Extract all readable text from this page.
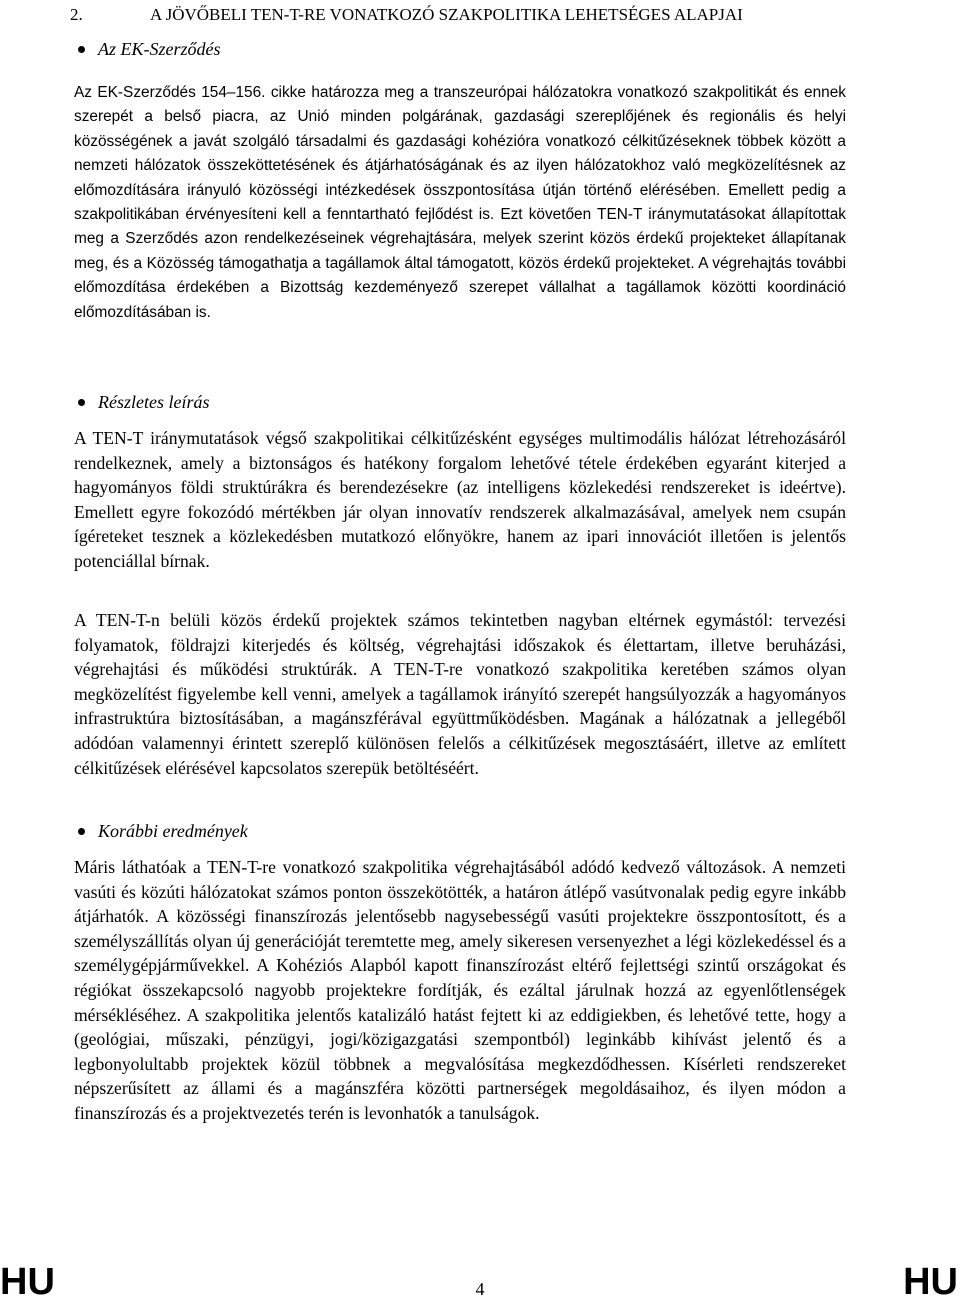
2.	A JÖVŐBELI TEN-T-RE VONATKOZÓ SZAKPOLITIKA LEHETSÉGES ALAPJAI
Az EK-Szerződés

Az EK-Szerződés 154–156. cikke határozza meg a transzeurópai hálózatokra vonatkozó szakpolitikát és ennek szerepét a belső piacra, az Unió minden polgárának, gazdasági szereplőjének és regionális és helyi közösségének a javát szolgáló társadalmi és gazdasági kohézióra vonatkozó célkitűzéseknek többek között a nemzeti hálózatok összeköttetésének és átjárhatóságának és az ilyen hálózatokhoz való megközelítésnek az előmozdítására irányuló közösségi intézkedések összpontosítása útján történő elérésében. Emellett pedig a szakpolitikában érvényesíteni kell a fenntartható fejlődést is. Ezt követően TEN-T iránymutatásokat állapítottak meg a Szerződés azon rendelkezéseinek végrehajtására, melyek szerint közös érdekű projekteket állapítanak meg, és a Közösség támogathatja a tagállamok által támogatott, közös érdekű projekteket. A végrehajtás további előmozdítása érdekében a Bizottság kezdeményező szerepet vállalhat a tagállamok közötti koordináció előmozdításában is.

Részletes leírás

A TEN-T iránymutatások végső szakpolitikai célkitűzésként egységes multimodális hálózat létrehozásáról rendelkeznek, amely a biztonságos és hatékony forgalom lehetővé tétele érdekében egyaránt kiterjed a hagyományos földi struktúrákra és berendezésekre (az intelligens közlekedési rendszereket is ideértve). Emellett egyre fokozódó mértékben jár olyan innovatív rendszerek alkalmazásával, amelyek nem csupán ígéreteket tesznek a közlekedésben mutatkozó előnyökre, hanem az ipari innovációt illetően is jelentős potenciállal bírnak.

A TEN-T-n belüli közös érdekű projektek számos tekintetben nagyban eltérnek egymástól: tervezési folyamatok, földrajzi kiterjedés és költség, végrehajtási időszakok és élettartam, illetve beruházási, végrehajtási és működési struktúrák. A TEN-T-re vonatkozó szakpolitika keretében számos olyan megközelítést figyelembe kell venni, amelyek a tagállamok irányító szerepét hangsúlyozzák a hagyományos infrastruktúra biztosításában, a magánszférával együttműködésben. Magának a hálózatnak a jellegéből adódóan valamennyi érintett szereplő különösen felelős a célkitűzések megosztásáért, illetve az említett célkitűzések elérésével kapcsolatos szerepük betöltéséért.

Korábbi eredmények

Máris láthatóak a TEN-T-re vonatkozó szakpolitika végrehajtásából adódó kedvező változások. A nemzeti vasúti és közúti hálózatokat számos ponton összekötötték, a határon átlépő vasútvonalak pedig egyre inkább átjárhatók. A közösségi finanszírozás jelentősebb nagysebességű vasúti projektekre összpontosított, és a személyszállítás olyan új generációját teremtette meg, amely sikeresen versenyezhet a légi közlekedéssel és a személygépjárművekkel. A Kohéziós Alapból kapott finanszírozást eltérő fejlettségi szintű országokat és régiókat összekapcsoló nagyobb projektekre fordítják, és ezáltal járulnak hozzá az egyenlőtlenségek mérsékléséhez. A szakpolitika jelentős katalizáló hatást fejtett ki az eddigiekben, és lehetővé tette, hogy a (geológiai, műszaki, pénzügyi, jogi/közigazgatási szempontból) leginkább kihívást jelentő és a legbonyolultabb projektek közül többnek a megvalósítása megkezdődhessen. Kísérleti rendszereket népszerűsített az állami és a magánszféra közötti partnerségek megoldásaihoz, és ilyen módon a finanszírozás és a projektvezetés terén is levonhatók a tanulságok.

HU	4	HU
